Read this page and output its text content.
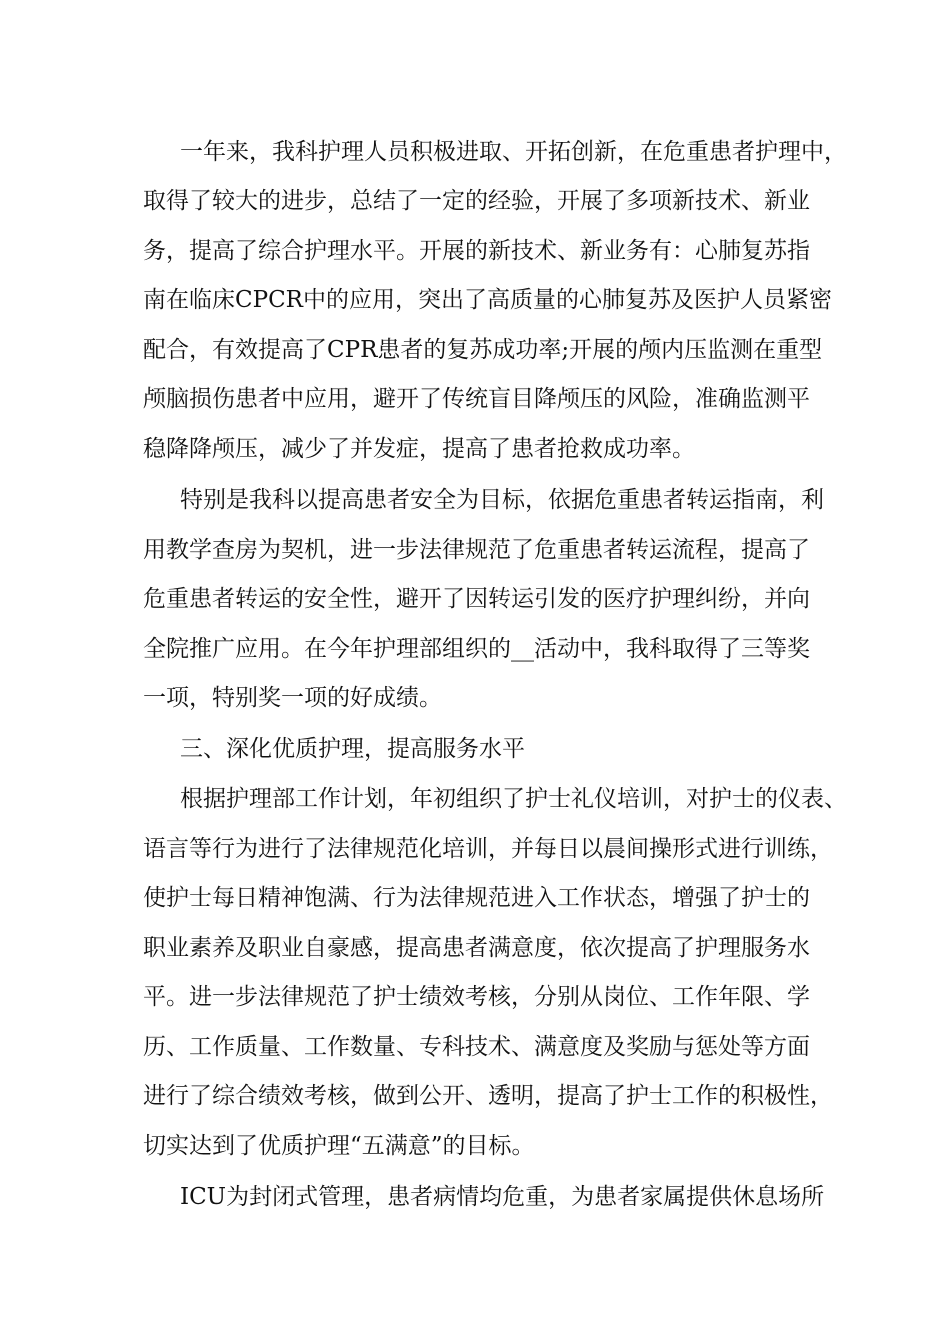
一年来，我科护理人员积极进取、开拓创新，在危重患者护理中，
取得了较大的进步，总结了一定的经验，开展了多项新技术、新业
务，提高了综合护理水平。开展的新技术、新业务有：心肺复苏指
南在临床CPCR中的应用，突出了高质量的心肺复苏及医护人员紧密
配合，有效提高了CPR患者的复苏成功率;开展的颅内压监测在重型
颅脑损伤患者中应用，避开了传统盲目降颅压的风险，准确监测平
稳降降颅压，减少了并发症，提高了患者抢救成功率。
特别是我科以提高患者安全为目标，依据危重患者转运指南，利
用教学查房为契机，进一步法律规范了危重患者转运流程，提高了
危重患者转运的安全性，避开了因转运引发的医疗护理纠纷，并向
全院推广应用。在今年护理部组织的__活动中，我科取得了三等奖
一项，特别奖一项的好成绩。
三、深化优质护理，提高服务水平
根据护理部工作计划，年初组织了护士礼仪培训，对护士的仪表、
语言等行为进行了法律规范化培训，并每日以晨间操形式进行训练，
使护士每日精神饱满、行为法律规范进入工作状态，增强了护士的
职业素养及职业自豪感，提高患者满意度，依次提高了护理服务水
平。进一步法律规范了护士绩效考核，分别从岗位、工作年限、学
历、工作质量、工作数量、专科技术、满意度及奖励与惩处等方面
进行了综合绩效考核，做到公开、透明，提高了护士工作的积极性，
切实达到了优质护理“五满意”的目标。
ICU为封闭式管理，患者病情均危重，为患者家属提供休息场所
